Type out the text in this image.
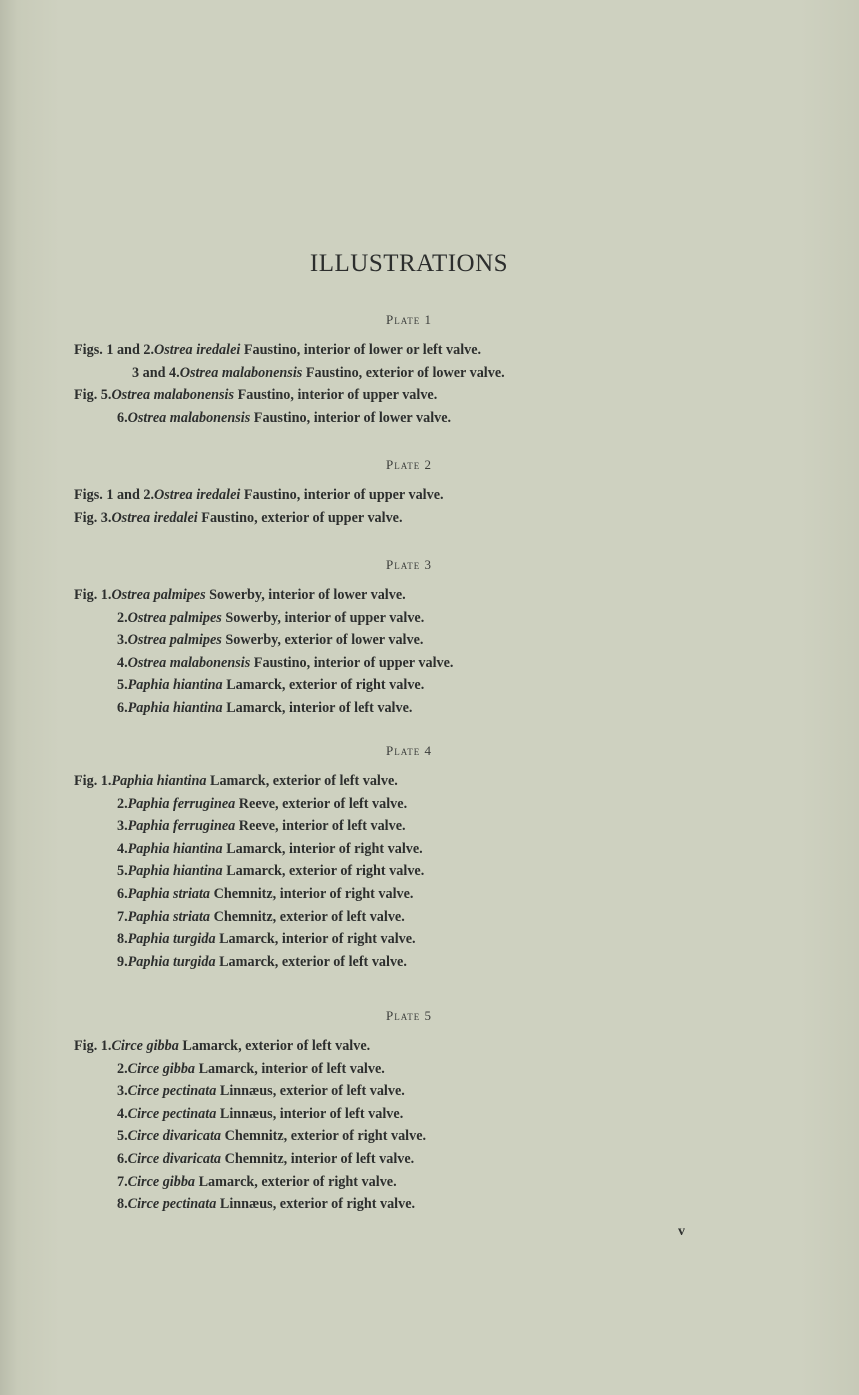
ILLUSTRATIONS
Plate 1
Figs. 1 and 2.Ostrea iredalei Faustino, interior of lower or left valve.
3 and 4.Ostrea malabonensis Faustino, exterior of lower valve.
Fig. 5.Ostrea malabonensis Faustino, interior of upper valve.
6.Ostrea malabonensis Faustino, interior of lower valve.
Plate 2
Figs. 1 and 2.Ostrea iredalei Faustino, interior of upper valve.
Fig. 3.Ostrea iredalei Faustino, exterior of upper valve.
Plate 3
Fig. 1.Ostrea palmipes Sowerby, interior of lower valve.
2.Ostrea palmipes Sowerby, interior of upper valve.
3.Ostrea palmipes Sowerby, exterior of lower valve.
4.Ostrea malabonensis Faustino, interior of upper valve.
5.Paphia hiantina Lamarck, exterior of right valve.
6.Paphia hiantina Lamarck, interior of left valve.
Plate 4
Fig. 1.Paphia hiantina Lamarck, exterior of left valve.
2.Paphia ferruginea Reeve, exterior of left valve.
3.Paphia ferruginea Reeve, interior of left valve.
4.Paphia hiantina Lamarck, interior of right valve.
5.Paphia hiantina Lamarck, exterior of right valve.
6.Paphia striata Chemnitz, interior of right valve.
7.Paphia striata Chemnitz, exterior of left valve.
8.Paphia turgida Lamarck, interior of right valve.
9.Paphia turgida Lamarck, exterior of left valve.
Plate 5
Fig. 1.Circe gibba Lamarck, exterior of left valve.
2.Circe gibba Lamarck, interior of left valve.
3.Circe pectinata Linnæus, exterior of left valve.
4.Circe pectinata Linnæus, interior of left valve.
5.Circe divaricata Chemnitz, exterior of right valve.
6.Circe divaricata Chemnitz, interior of left valve.
7.Circe gibba Lamarck, exterior of right valve.
8.Circe pectinata Linnæus, exterior of right valve.
v
